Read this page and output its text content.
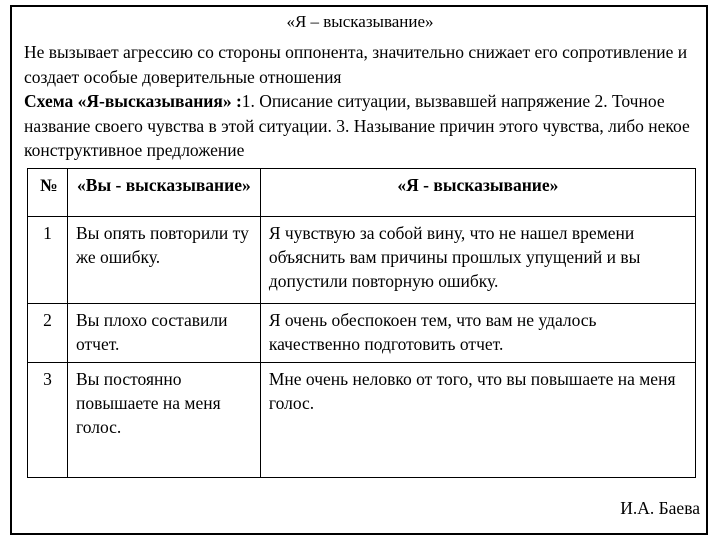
«Я – высказывание»
Не вызывает агрессию со стороны оппонента, значительно снижает его сопротивление и создает особые доверительные отношения
Схема «Я-высказывания» :1. Описание ситуации, вызвавшей напряжение 2. Точное название своего чувства в этой ситуации. 3. Называние причин этого чувства, либо некое конструктивное предложение
№	«Вы - высказывание»	«Я - высказывание»
1	Вы опять повторили ту же ошибку.	Я чувствую за собой вину, что не нашел времени объяснить вам причины прошлых упущений и вы допустили повторную ошибку.
2	Вы плохо составили отчет.	Я очень обеспокоен тем, что вам не удалось качественно подготовить отчет.
3	Вы постоянно повышаете на меня голос.	Мне очень неловко от того, что вы повышаете на меня голос.
И.А. Баева
